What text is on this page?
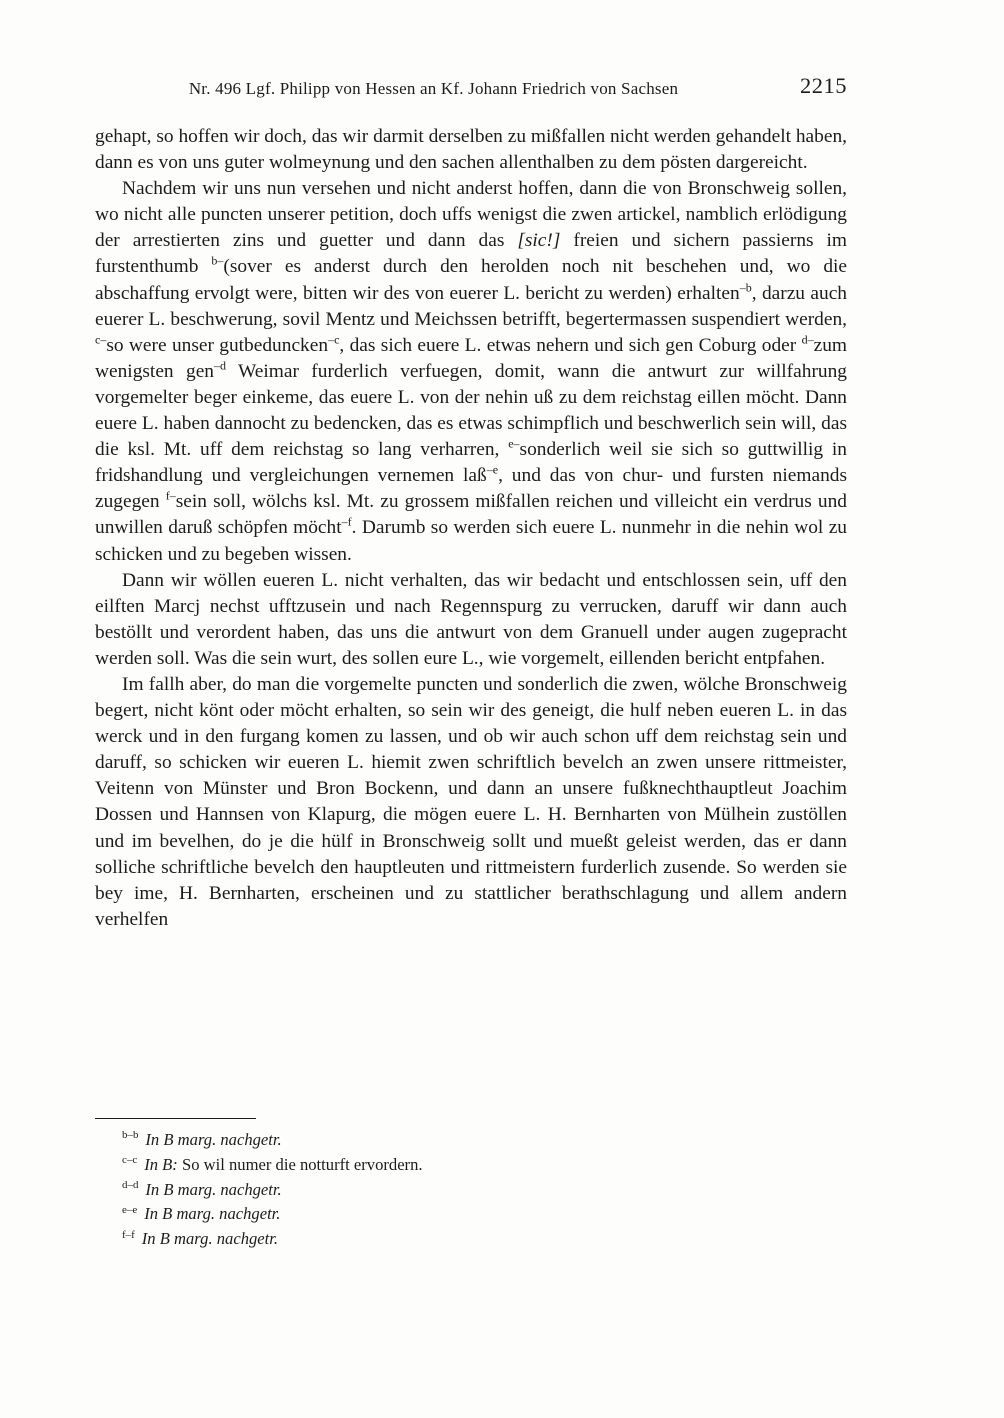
Nr. 496 Lgf. Philipp von Hessen an Kf. Johann Friedrich von Sachsen	2215

gehapt, so hoffen wir doch, das wir darmit derselben zu mißfallen nicht werden gehandelt haben, dann es von uns guter wolmeynung und den sachen allenthalben zu dem pösten dargereicht.

Nachdem wir uns nun versehen und nicht anderst hoffen, dann die von Bronschweig sollen, wo nicht alle puncten unserer petition, doch uffs wenigst die zwen artickel, namblich erlödigung der arrestierten zins und guetter und dann das [sic!] freien und sichern passierns im furstenthumb $^{b-}$(sover es anderst durch den herolden noch nit beschehen und, wo die abschaffung ervolgt were, bitten wir des von euerer L. bericht zu werden) erhalten$^{-b}$, darzu auch euerer L. beschwerung, sovil Mentz und Meichssen betrifft, begertermassen suspendiert werden, $^{c-}$so were unser gutbeduncken$^{-c}$, das sich euere L. etwas nehern und sich gen Coburg oder $^{d-}$zum wenigsten gen$^{-d}$ Weimar furderlich verfuegen, domit, wann die antwurt zur willfahrung vorgemelter beger einkeme, das euere L. von der nehin uß zu dem reichstag eillen möcht. Dann euere L. haben dannocht zu bedencken, das es etwas schimpflich und beschwerlich sein will, das die ksl. Mt. uff dem reichstag so lang verharren, $^{e-}$sonderlich weil sie sich so guttwillig in fridshandlung und vergleichungen vernemen laß$^{-e}$, und das von chur- und fursten niemands zugegen $^{f-}$sein soll, wölchs ksl. Mt. zu grossem mißfallen reichen und villeicht ein verdrus und unwillen daruß schöpfen möcht$^{-f}$. Darumb so werden sich euere L. nunmehr in die nehin wol zu schicken und zu begeben wissen.

Dann wir wöllen eueren L. nicht verhalten, das wir bedacht und entschlossen sein, uff den eilften Marcj nechst ufftzusein und nach Regennspurg zu verrucken, daruff wir dann auch bestöllt und verordent haben, das uns die antwurt von dem Granuell under augen zugepracht werden soll. Was die sein wurt, des sollen eure L., wie vorgemelt, eillenden bericht entpfahen.

Im fallh aber, do man die vorgemelte puncten und sonderlich die zwen, wölche Bronschweig begert, nicht könt oder möcht erhalten, so sein wir des geneigt, die hulf neben eueren L. in das werck und in den furgang komen zu lassen, und ob wir auch schon uff dem reichstag sein und daruff, so schicken wir eueren L. hiemit zwen schriftlich bevelch an zwen unsere rittmeister, Veitenn von Münster und Bron Bockenn, und dann an unsere fußknechthauptleut Joachim Dossen und Hannsen von Klapurg, die mögen euere L. H. Bernharten von Mülhein zustöllen und im bevelhen, do je die hülf in Bronschweig sollt und mueßt geleist werden, das er dann solliche schriftliche bevelch den hauptleuten und rittmeistern furderlich zusende. So werden sie bey ime, H. Bernharten, erscheinen und zu stattlicher berathschlagung und allem andern verhelfen

$^{b-b}$ In B marg. nachgetr.
$^{c-c}$ In B: So wil numer die notturft ervordern.
$^{d-d}$ In B marg. nachgetr.
$^{e-e}$ In B marg. nachgetr.
$^{f-f}$ In B marg. nachgetr.
